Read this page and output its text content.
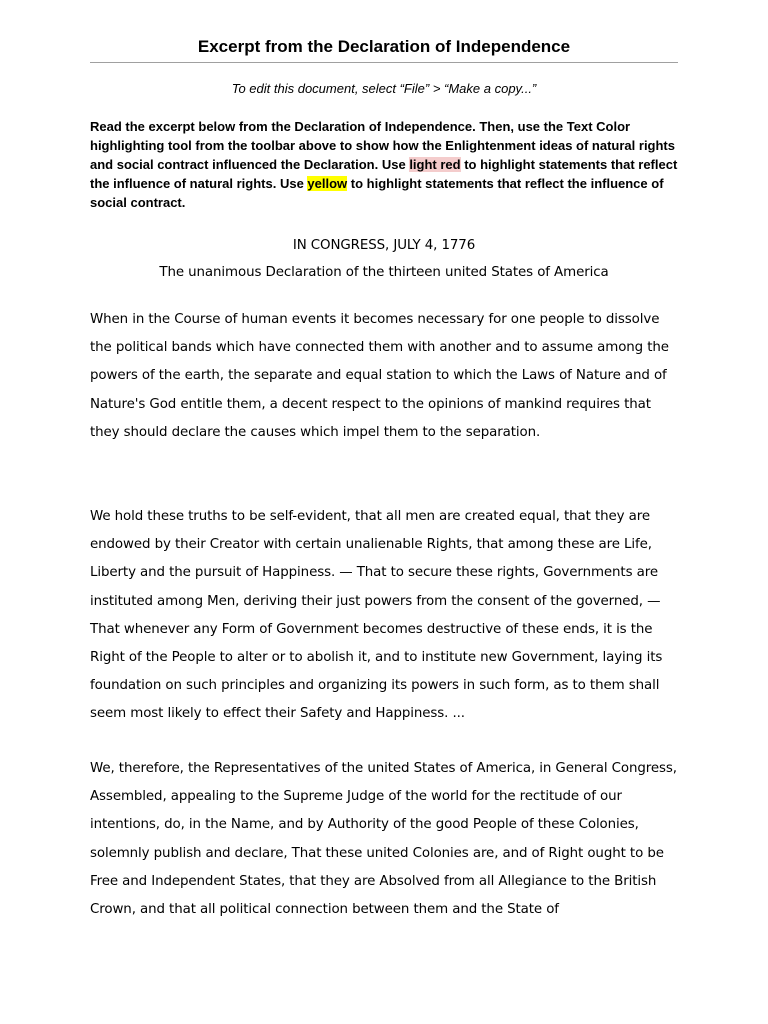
Excerpt from the Declaration of Independence
To edit this document, select “File” > “Make a copy...”
Read the excerpt below from the Declaration of Independence. Then, use the Text Color highlighting tool from the toolbar above to show how the Enlightenment ideas of natural rights and social contract influenced the Declaration. Use light red to highlight statements that reflect the influence of natural rights. Use yellow to highlight statements that reflect the influence of social contract.
IN CONGRESS, JULY 4, 1776
The unanimous Declaration of the thirteen united States of America

When in the Course of human events it becomes necessary for one people to dissolve the political bands which have connected them with another and to assume among the powers of the earth, the separate and equal station to which the Laws of Nature and of Nature's God entitle them, a decent respect to the opinions of mankind requires that they should declare the causes which impel them to the separation.

We hold these truths to be self-evident, that all men are created equal, that they are endowed by their Creator with certain unalienable Rights, that among these are Life, Liberty and the pursuit of Happiness. — That to secure these rights, Governments are instituted among Men, deriving their just powers from the consent of the governed, — That whenever any Form of Government becomes destructive of these ends, it is the Right of the People to alter or to abolish it, and to institute new Government, laying its foundation on such principles and organizing its powers in such form, as to them shall seem most likely to effect their Safety and Happiness. ...

We, therefore, the Representatives of the united States of America, in General Congress, Assembled, appealing to the Supreme Judge of the world for the rectitude of our intentions, do, in the Name, and by Authority of the good People of these Colonies, solemnly publish and declare, That these united Colonies are, and of Right ought to be Free and Independent States, that they are Absolved from all Allegiance to the British Crown, and that all political connection between them and the State of
